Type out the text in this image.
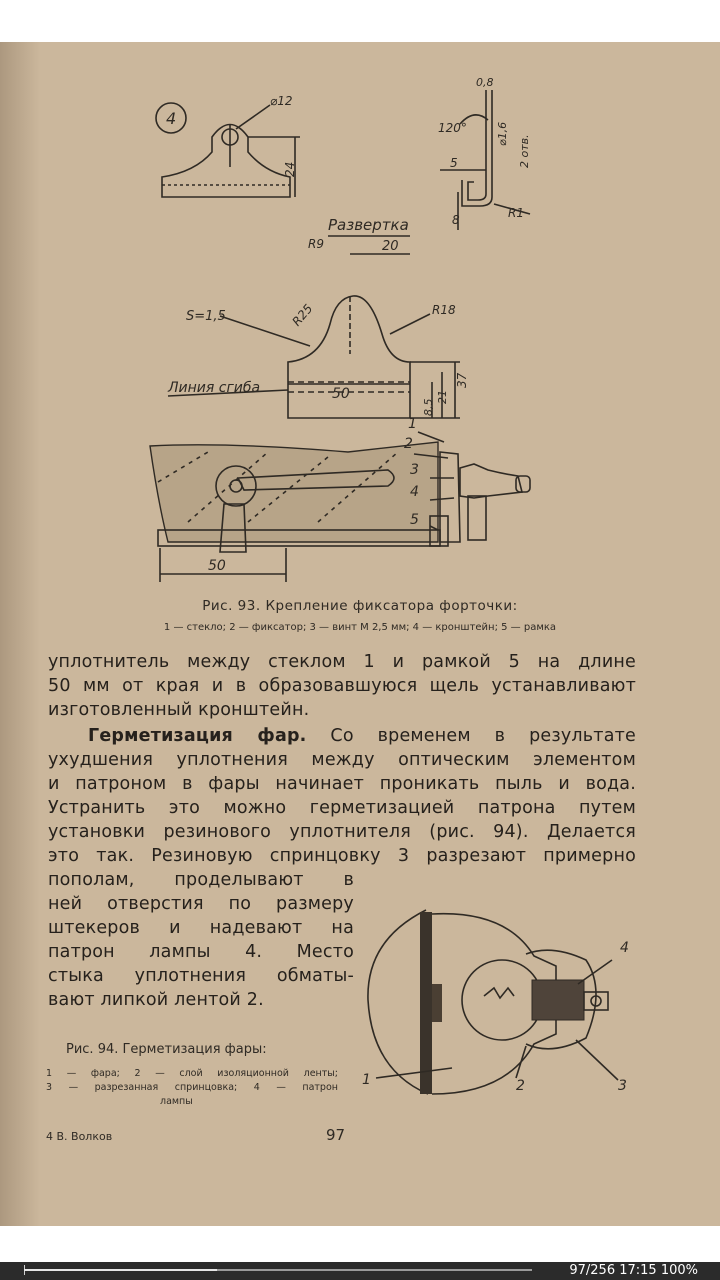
4
⌀12
24
0,8
120°
5
⌀1,6
2 отв.
8	R1
Развертка
R9	20
S=1,5	R25	R18
Линия сгиба
8,5
21
37
50
1
2
3
4
5
50
Рис. 93. Крепление фиксатора форточки:
1 — стекло; 2 — фиксатор; 3 — винт М 2,5 мм; 4 — кронштейн; 5 — рамка
уплотнитель между стеклом 1 и рамкой 5 на длине
50 мм от края и в образовавшуюся щель устанавливают
изготовленный кронштейн.
Герметизация фар. Со временем в результате
ухудшения уплотнения между оптическим элементом
и патроном в фары начинает проникать пыль и вода.
Устранить это можно герметизацией патрона путем
установки резинового уплотнителя (рис. 94). Делается
это так. Резиновую спринцовку 3 разрезают примерно
пополам, проделывают в
ней отверстия по размеру
штекеров и надевают на
патрон лампы 4. Место
стыка уплотнения обматы-
вают липкой лентой 2.
4
1	2	3
Рис. 94. Герметизация фары:
1 — фара; 2 — слой изоляционной ленты;
3 — разрезанная спринцовка; 4 — патрон
лампы
4 В. Волков	97
97/256 17:15 100%
